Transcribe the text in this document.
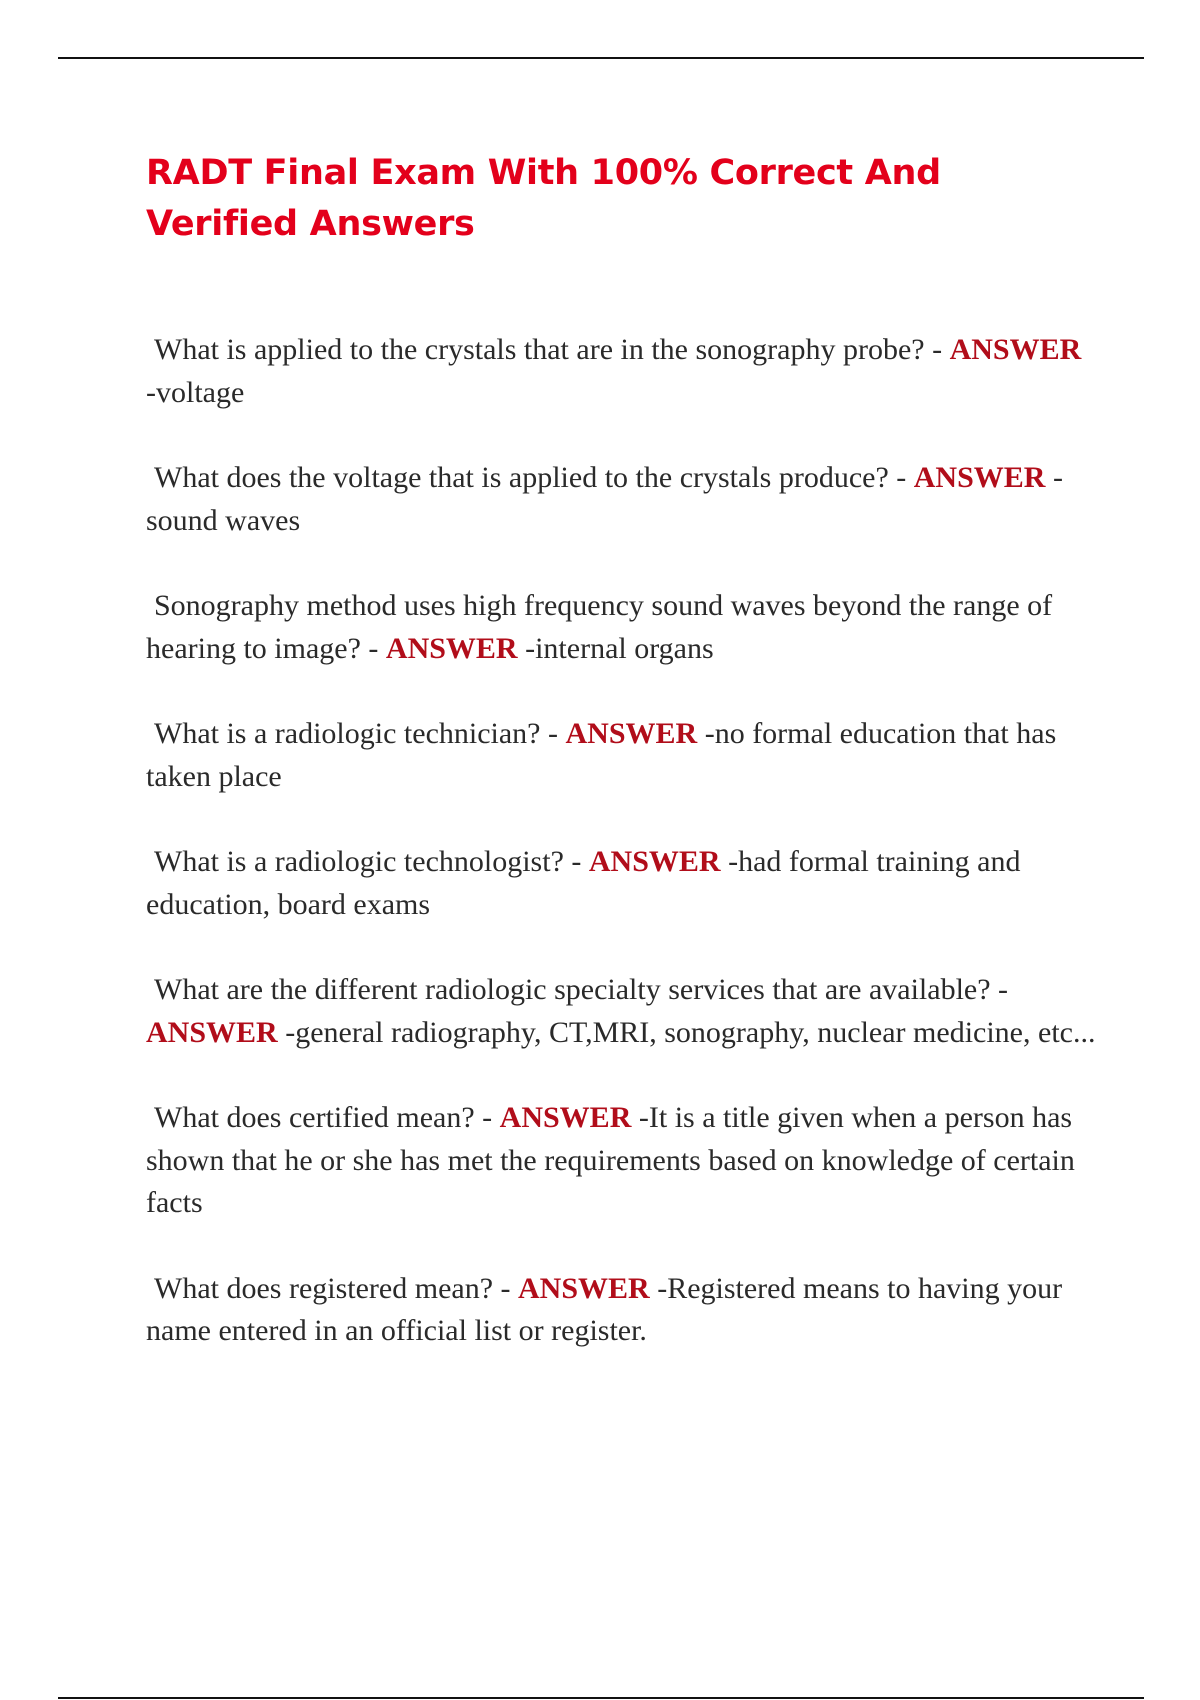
RADT Final Exam With 100% Correct And Verified Answers

What is applied to the crystals that are in the sonography probe? - ANSWER -voltage

What does the voltage that is applied to the crystals produce? - ANSWER -sound waves

Sonography method uses high frequency sound waves beyond the range of hearing to image? - ANSWER -internal organs

What is a radiologic technician? - ANSWER -no formal education that has taken place

What is a radiologic technologist? - ANSWER -had formal training and education, board exams

What are the different radiologic specialty services that are available? - ANSWER -general radiography, CT,MRI, sonography, nuclear medicine, etc...

What does certified mean? - ANSWER -It is a title given when a person has shown that he or she has met the requirements based on knowledge of certain facts

What does registered mean? - ANSWER -Registered means to having your name entered in an official list or register.
